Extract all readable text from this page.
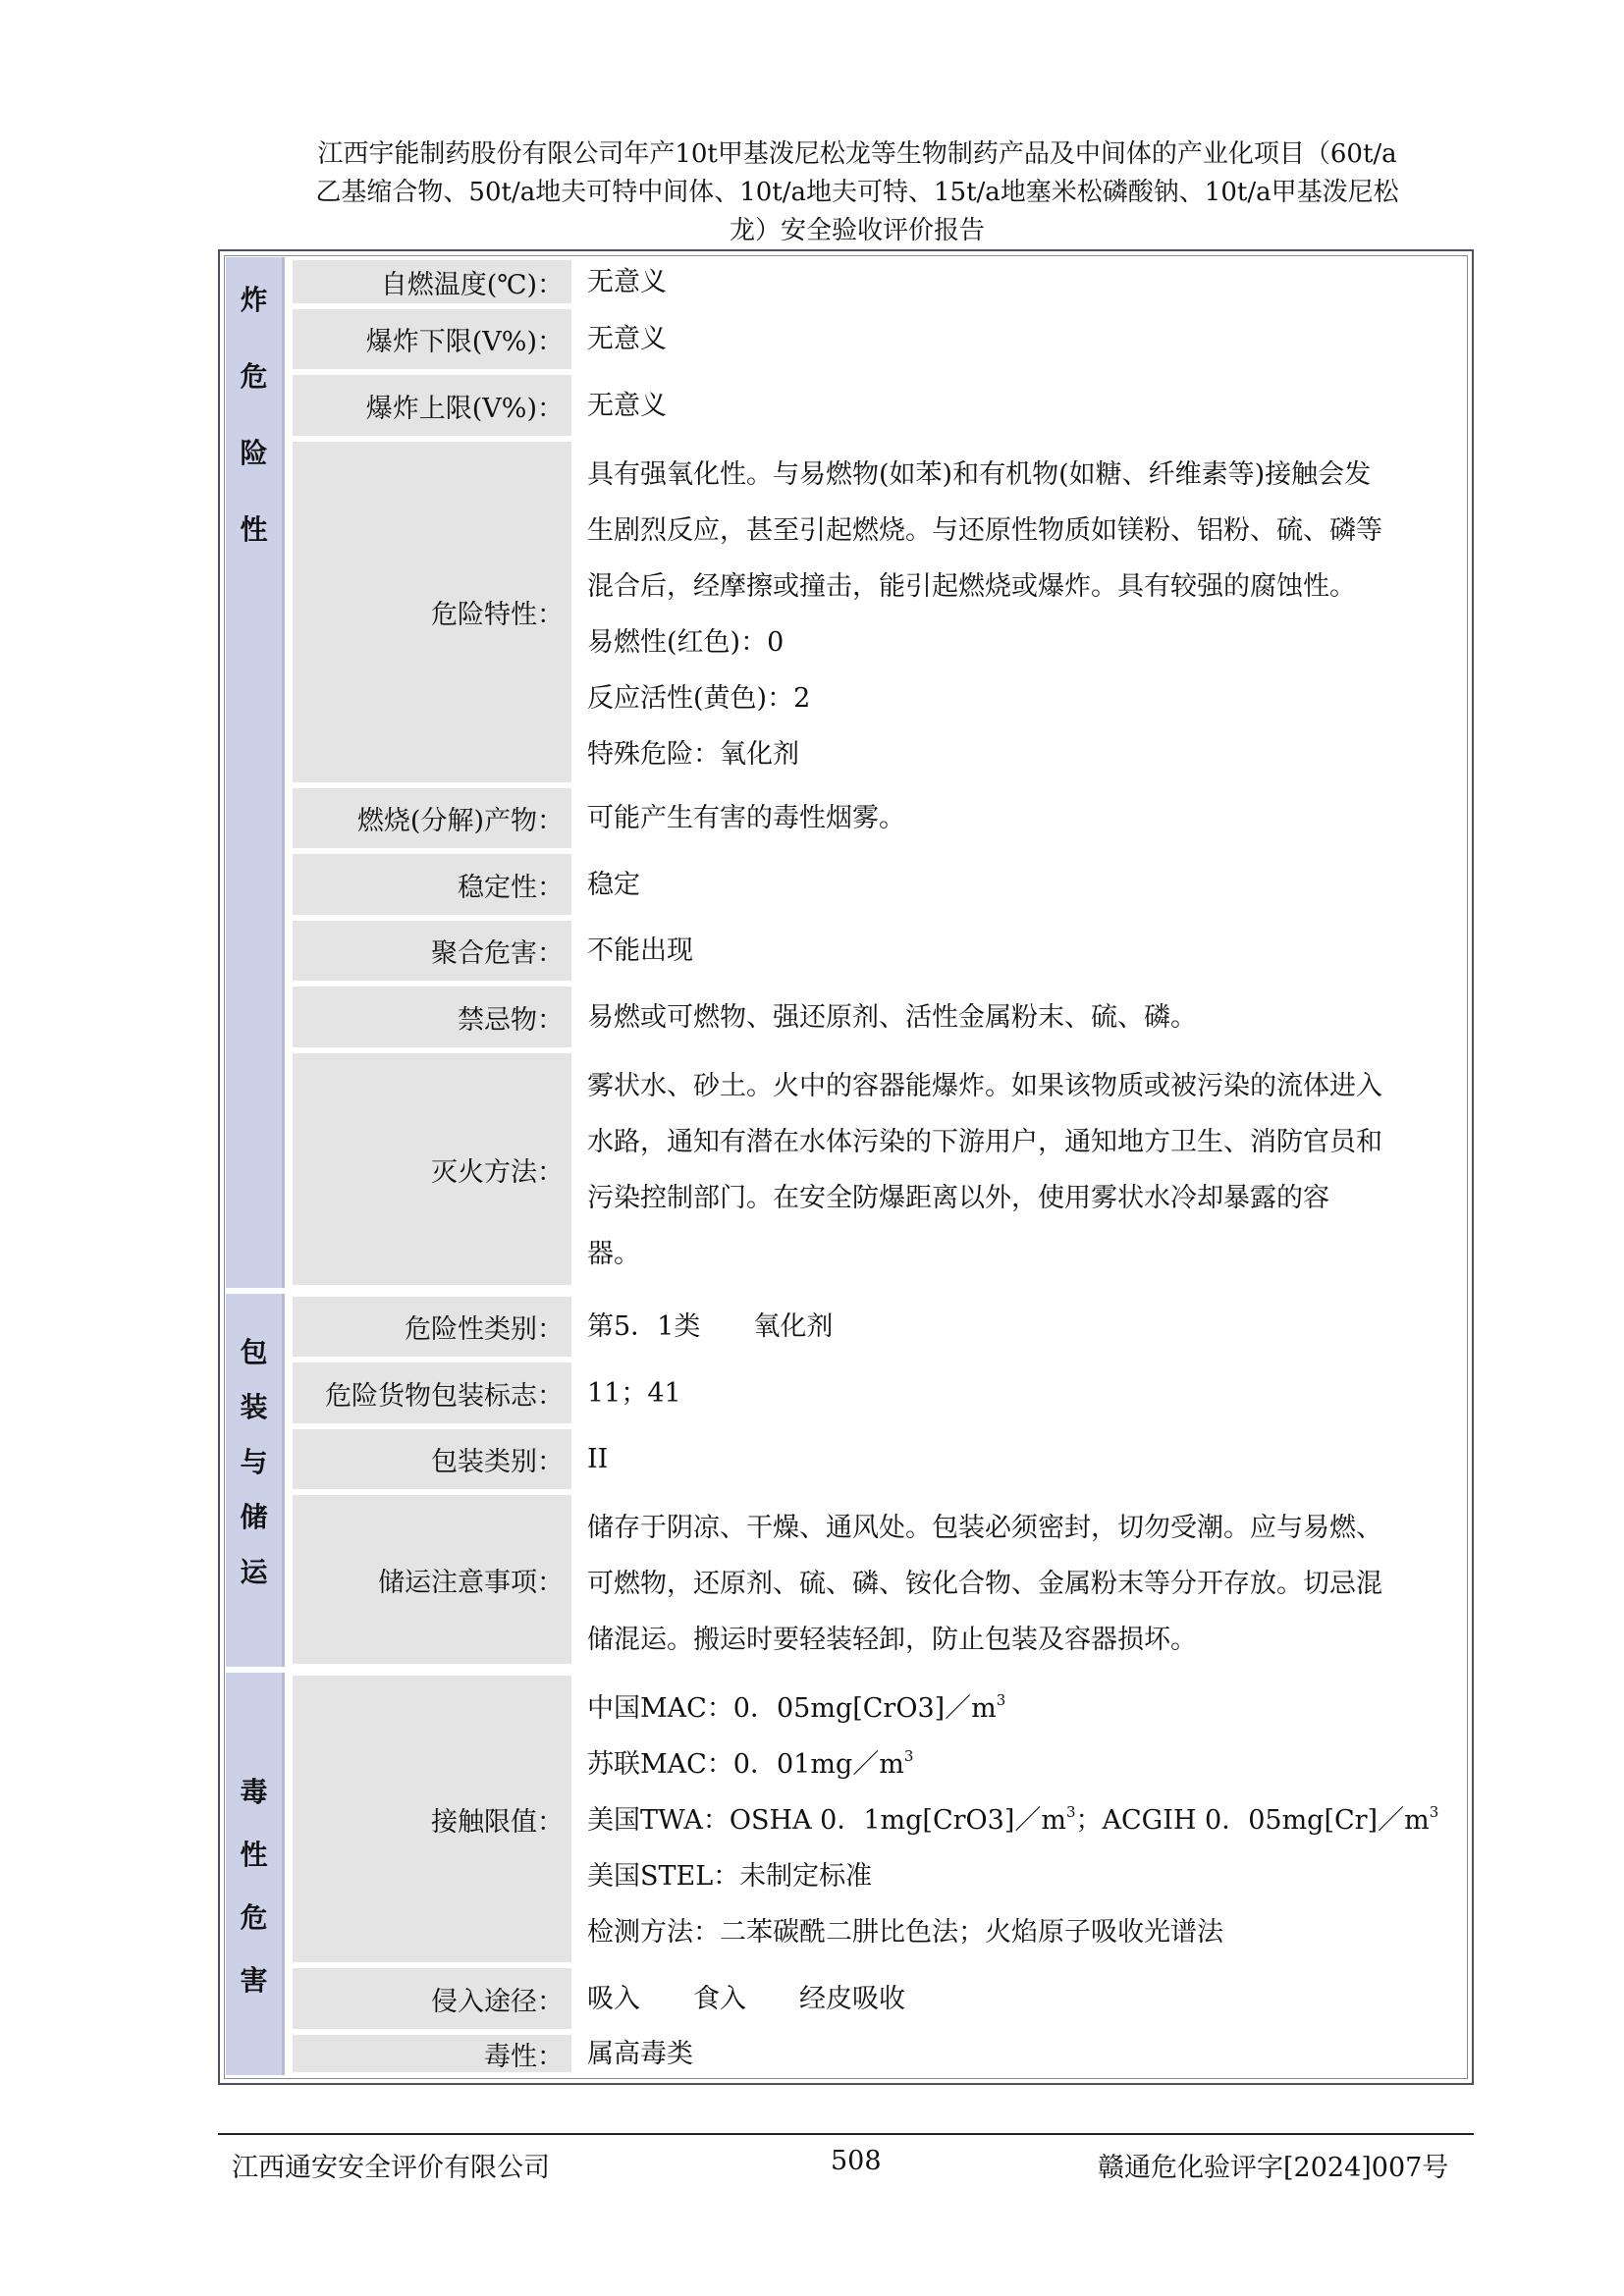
江西宇能制药股份有限公司年产10t甲基泼尼松龙等生物制药产品及中间体的产业化项目（60t/a
乙基缩合物、50t/a地夫可特中间体、10t/a地夫可特、15t/a地塞米松磷酸钠、10t/a甲基泼尼松
龙）安全验收评价报告
炸
危
险
性
自燃温度(℃)： 无意义
爆炸下限(V%)： 无意义
爆炸上限(V%)： 无意义
危险特性：
具有强氧化性。与易燃物(如苯)和有机物(如糖、纤维素等)接触会发
生剧烈反应，甚至引起燃烧。与还原性物质如镁粉、铝粉、硫、磷等
混合后，经摩擦或撞击，能引起燃烧或爆炸。具有较强的腐蚀性。
易燃性(红色)：0
反应活性(黄色)：2
特殊危险：氧化剂
燃烧(分解)产物： 可能产生有害的毒性烟雾。
稳定性： 稳定
聚合危害： 不能出现
禁忌物： 易燃或可燃物、强还原剂、活性金属粉末、硫、磷。
灭火方法：
雾状水、砂土。火中的容器能爆炸。如果该物质或被污染的流体进入
水路，通知有潜在水体污染的下游用户，通知地方卫生、消防官员和
污染控制部门。在安全防爆距离以外，使用雾状水冷却暴露的容
器。
包
装
与
储
运
危险性类别： 第5．1类　　氧化剂
危险货物包装标志： 11；41
包装类别： II
储运注意事项：
储存于阴凉、干燥、通风处。包装必须密封，切勿受潮。应与易燃、
可燃物，还原剂、硫、磷、铵化合物、金属粉末等分开存放。切忌混
储混运。搬运时要轻装轻卸，防止包装及容器损坏。
毒
性
危
害
接触限值：
中国MAC：0．$05mg[CrO3]/m^3$
苏联MAC：0．$01mg/m^3$
美国TWA：OSHA 0．$1mg[CrO3]/m^3$；ACGIH 0．$05mg[Cr]/m^3$
美国STEL：未制定标准
检测方法：二苯碳酰二肼比色法；火焰原子吸收光谱法
侵入途径： 吸入　　食入　　经皮吸收
毒性： 属高毒类
江西通安安全评价有限公司	508	赣通危化验评字[2024]007号
